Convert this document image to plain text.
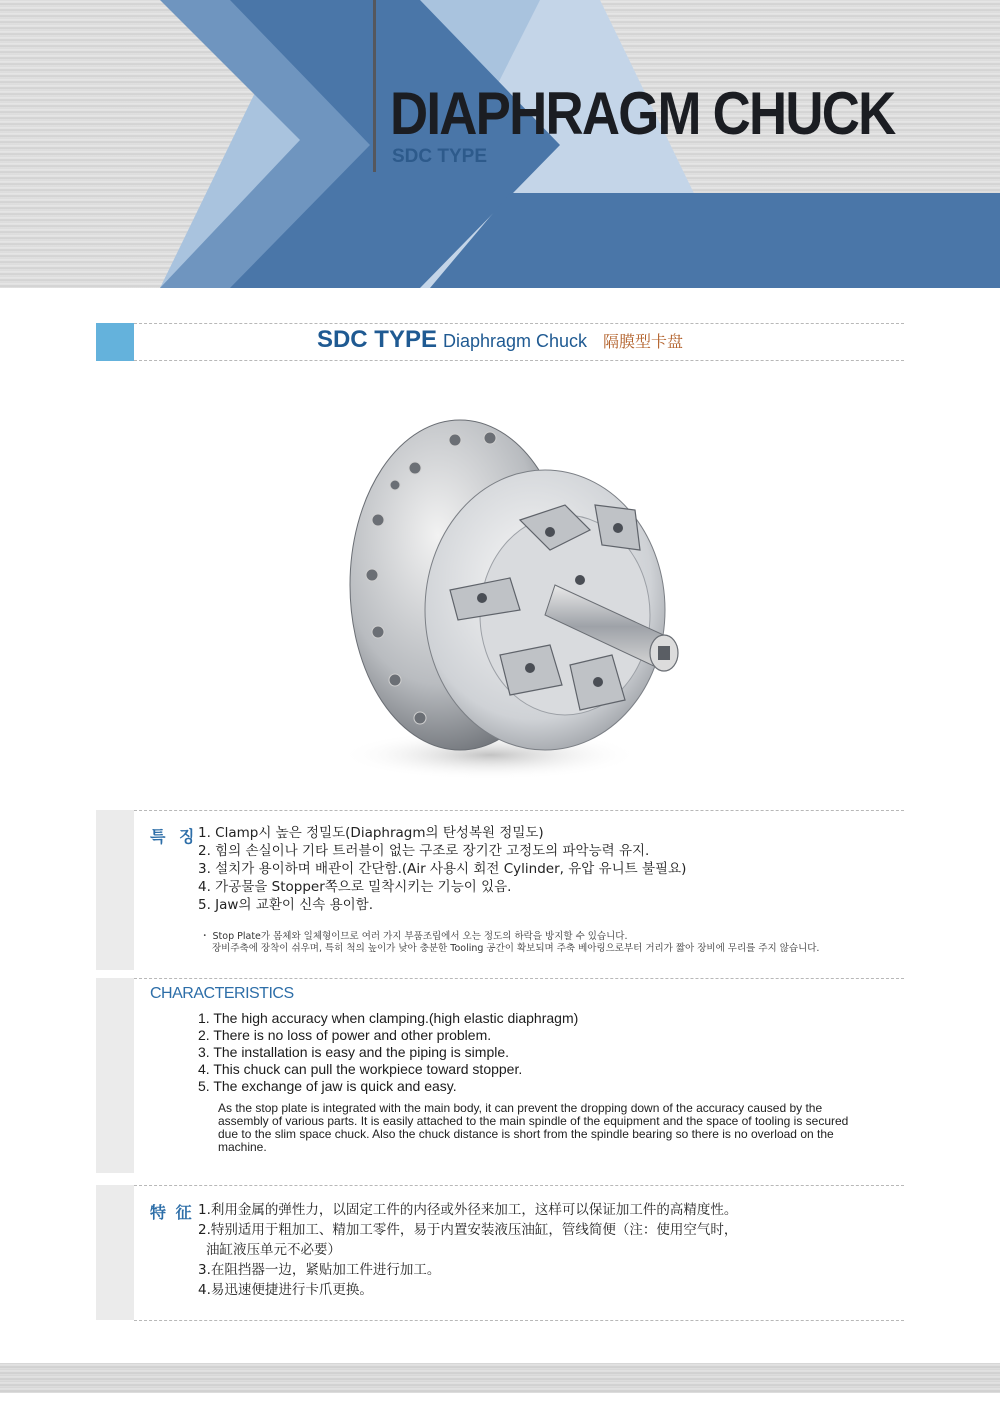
DIAPHRAGM CHUCK
SDC TYPE
SDC TYPE Diaphragm Chuck 隔膜型卡盘
특 징 1. Clamp시 높은 정밀도(Diaphragm의 탄성복원 정밀도)
2. 힘의 손실이나 기타 트러블이 없는 구조로 장기간 고정도의 파악능력 유지.
3. 설치가 용이하며 배관이 간단함.(Air 사용시 회전 Cylinder, 유압 유니트 불필요)
4. 가공물을 Stopper쪽으로 밀착시키는 기능이 있음.
5. Jaw의 교환이 신속 용이함.
・ Stop Plate가 몸체와 일체형이므로 여러 가지 부품조립에서 오는 정도의 하락을 방지할 수 있습니다.
장비주축에 장착이 쉬우며, 특히 척의 높이가 낮아 충분한 Tooling 공간이 확보되며 주축 베아링으로부터 거리가 짧아 장비에 무리를 주지 않습니다.
CHARACTERISTICS
1. The high accuracy when clamping.(high elastic diaphragm)
2. There is no loss of power and other problem.
3. The installation is easy and the piping is simple.
4. This chuck can pull the workpiece toward stopper.
5. The exchange of jaw is quick and easy.
As the stop plate is integrated with the main body, it can prevent the dropping down of the accuracy caused by the assembly of various parts. It is easily attached to the main spindle of the equipment and the space of tooling is secured due to the slim space chuck. Also the chuck distance is short from the spindle bearing so there is no overload on the machine.
特 征 1.利用金属的弹性力，以固定工件的内径或外径来加工，这样可以保证加工件的高精度性。
2.特别适用于粗加工、精加工零件，易于内置安装液压油缸，管线简便（注：使用空气时，
油缸液压单元不必要）
3.在阻挡器一边，紧贴加工件进行加工。
4.易迅速便捷进行卡爪更换。
